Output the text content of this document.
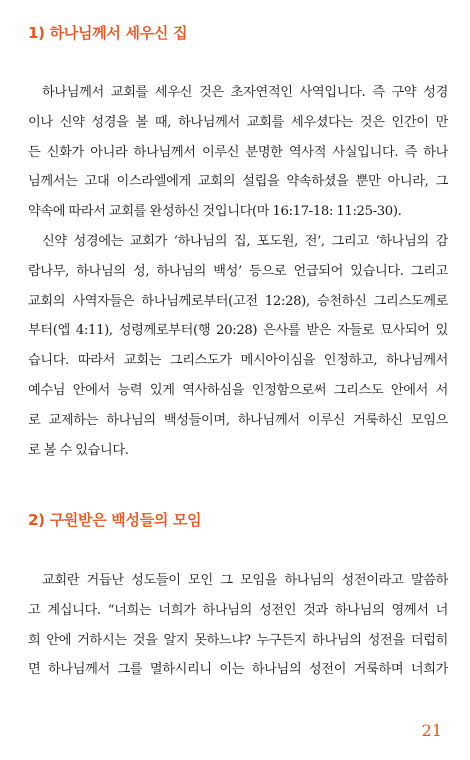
1) 하나님께서 세우신 집
하나님께서 교회를 세우신 것은 초자연적인 사역입니다. 즉 구약 성경
이나 신약 성경을 볼 때, 하나님께서 교회를 세우셨다는 것은 인간이 만
든 신화가 아니라 하나님께서 이루신 분명한 역사적 사실입니다. 즉 하나
님께서는 고대 이스라엘에게 교회의 설립을 약속하셨을 뿐만 아니라, 그
약속에 따라서 교회를 완성하신 것입니다(마 16:17-18: 11:25-30).
신약 성경에는 교회가 ‘하나님의 집, 포도원, 전’, 그리고 ‘하나님의 감
람나무, 하나님의 성, 하나님의 백성’ 등으로 언급되어 있습니다. 그리고
교회의 사역자들은 하나님께로부터(고전 12:28), 승천하신 그리스도께로
부터(엡 4:11), 성령께로부터(행 20:28) 은사를 받은 자들로 묘사되어 있
습니다. 따라서 교회는 그리스도가 메시아이심을 인정하고, 하나님께서
예수님 안에서 능력 있게 역사하심을 인정함으로써 그리스도 안에서 서
로 교제하는 하나님의 백성들이며, 하나님께서 이루신 거룩하신 모임으
로 볼 수 있습니다.
2) 구원받은 백성들의 모임
교회란 거듭난 성도들이 모인 그 모임을 하나님의 성전이라고 말씀하
고 계십니다. “너희는 너희가 하나님의 성전인 것과 하나님의 영께서 너
희 안에 거하시는 것을 알지 못하느냐? 누구든지 하나님의 성전을 더럽히
면 하나님께서 그를 멸하시리니 이는 하나님의 성전이 거룩하며 너희가
21
